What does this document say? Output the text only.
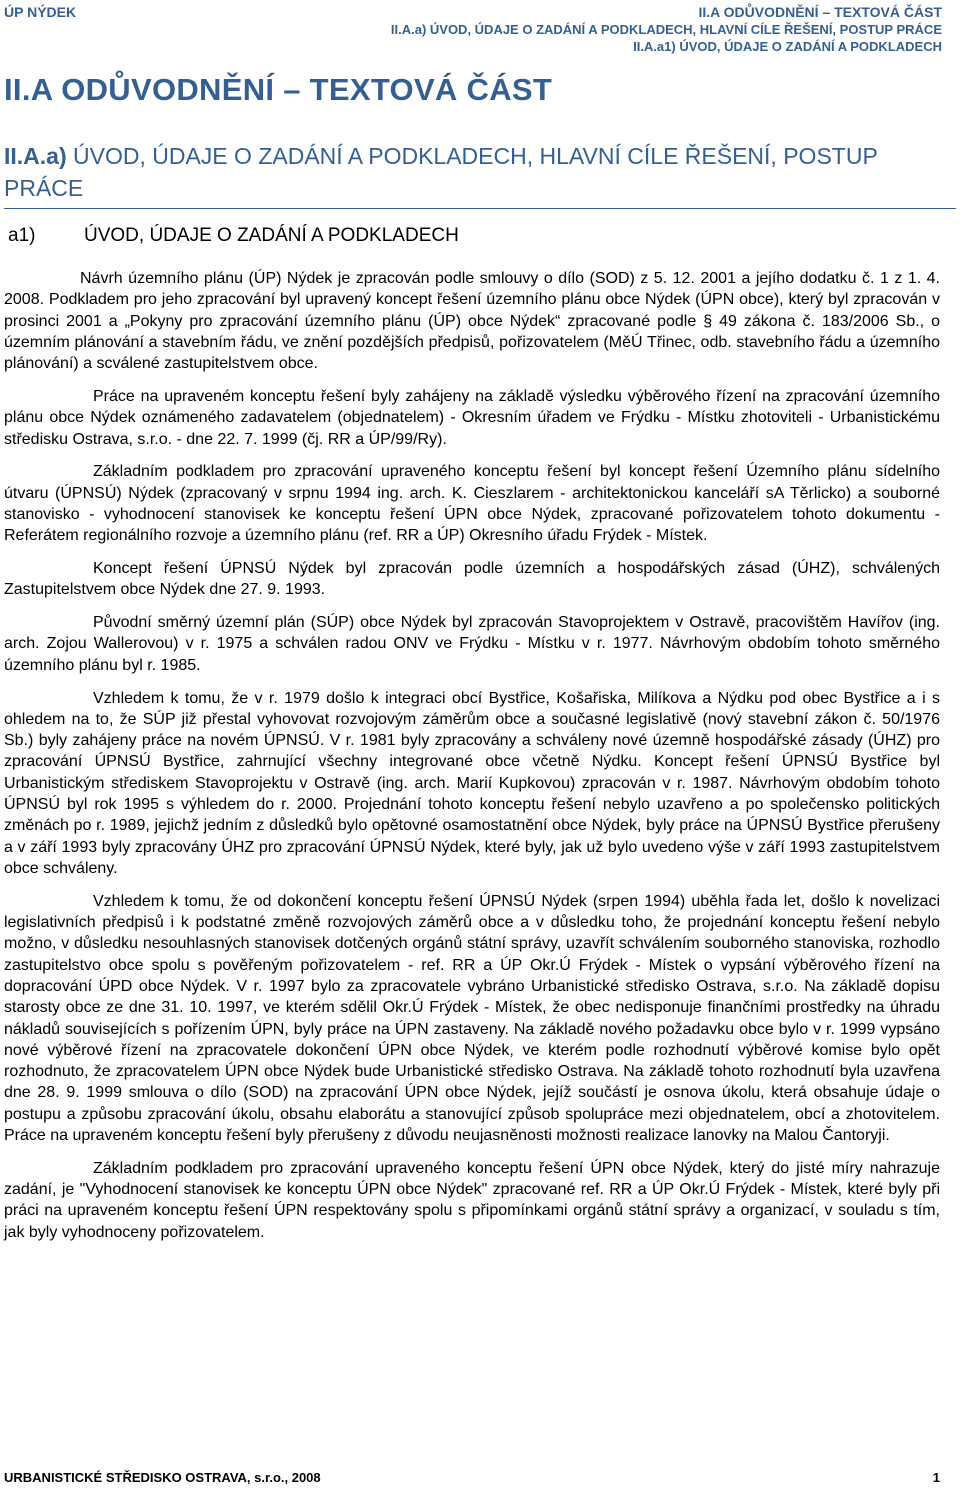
ÚP NÝDEK	II.A ODŮVODNĚNÍ – TEXTOVÁ ČÁST
II.A.a) ÚVOD, ÚDAJE O ZADÁNÍ A PODKLADECH, HLAVNÍ CÍLE ŘEŠENÍ, POSTUP PRÁCE
II.A.a1) ÚVOD, ÚDAJE O ZADÁNÍ A PODKLADECH
II.A ODŮVODNĚNÍ – TEXTOVÁ ČÁST
II.A.a) ÚVOD, ÚDAJE O ZADÁNÍ A PODKLADECH, HLAVNÍ CÍLE ŘEŠENÍ, POSTUP PRÁCE
a1)	ÚVOD, ÚDAJE O ZADÁNÍ A PODKLADECH

Návrh územního plánu (ÚP) Nýdek je zpracován podle smlouvy o dílo (SOD) z 5. 12. 2001 a jejího dodatku č. 1 z 1. 4. 2008. Podkladem pro jeho zpracování byl upravený koncept řešení územního plánu obce Nýdek (ÚPN obce), který byl zpracován v prosinci 2001 a „Pokyny pro zpracování územního plánu (ÚP) obce Nýdek“ zpracované podle § 49 zákona č. 183/2006 Sb., o územním plánování a stavebním řádu, ve znění pozdějších předpisů, pořizovatelem (MěÚ Třinec, odb. stavebního řádu a územního plánování) a scválené zastupitelstvem obce.

Práce na upraveném konceptu řešení byly zahájeny na základě výsledku výběrového řízení na zpracování územního plánu obce Nýdek oznámeného zadavatelem (objednatelem) - Okresním úřadem ve Frýdku - Místku zhotoviteli - Urbanistickému středisku Ostrava, s.r.o. - dne 22. 7. 1999 (čj. RR a ÚP/99/Ry).

Základním podkladem pro zpracování upraveného konceptu řešení byl koncept řešení Územního plánu sídelního útvaru (ÚPNSÚ) Nýdek (zpracovaný v srpnu 1994 ing. arch. K. Cieszlarem - architektonickou kanceláří sA Těrlicko) a souborné stanovisko - vyhodnocení stanovisek ke konceptu řešení ÚPN obce Nýdek, zpracované pořizovatelem tohoto dokumentu - Referátem regionálního rozvoje a územního plánu (ref. RR a ÚP) Okresního úřadu Frýdek - Místek.

Koncept řešení ÚPNSÚ Nýdek byl zpracován podle územních a hospodářských zásad (ÚHZ), schválených Zastupitelstvem obce Nýdek dne 27. 9. 1993.

Původní směrný územní plán (SÚP) obce Nýdek byl zpracován Stavoprojektem v Ostravě, pracovištěm Havířov (ing. arch. Zojou Wallerovou) v r. 1975 a schválen radou ONV ve Frýdku - Místku v r. 1977. Návrhovým obdobím tohoto směrného územního plánu byl r. 1985.

Vzhledem k tomu, že v r. 1979 došlo k integraci obcí Bystřice, Košařiska, Milíkova a Nýdku pod obec Bystřice a i s ohledem na to, že SÚP již přestal vyhovovat rozvojovým záměrům obce a současné legislativě (nový stavební zákon č. 50/1976 Sb.) byly zahájeny práce na novém ÚPNSÚ. V r. 1981 byly zpracovány a schváleny nové územně hospodářské zásady (ÚHZ) pro zpracování ÚPNSÚ Bystřice, zahrnující všechny integrované obce včetně Nýdku. Koncept řešení ÚPNSÚ Bystřice byl Urbanistickým střediskem Stavoprojektu v Ostravě (ing. arch. Marií Kupkovou) zpracován v r. 1987. Návrhovým obdobím tohoto ÚPNSÚ byl rok 1995 s výhledem do r. 2000. Projednání tohoto konceptu řešení nebylo uzavřeno a po společensko politických změnách po r. 1989, jejichž jedním z důsledků bylo opětovné osamostatnění obce Nýdek, byly práce na ÚPNSÚ Bystřice přerušeny a v září 1993 byly zpracovány ÚHZ pro zpracování ÚPNSÚ Nýdek, které byly, jak už bylo uvedeno výše v září 1993 zastupitelstvem obce schváleny.

Vzhledem k tomu, že od dokončení konceptu řešení ÚPNSÚ Nýdek (srpen 1994) uběhla řada let, došlo k novelizaci legislativních předpisů i k podstatné změně rozvojových záměrů obce a v důsledku toho, že projednání konceptu řešení nebylo možno, v důsledku nesouhlasných stanovisek dotčených orgánů státní správy, uzavřít schválením souborného stanoviska, rozhodlo zastupitelstvo obce spolu s pověřeným pořizovatelem - ref. RR a ÚP Okr.Ú Frýdek - Místek o vypsání výběrového řízení na dopracování ÚPD obce Nýdek. V r. 1997 bylo za zpracovatele vybráno Urbanistické středisko Ostrava, s.r.o. Na základě dopisu starosty obce ze dne 31. 10. 1997, ve kterém sdělil Okr.Ú Frýdek - Místek, že obec nedisponuje finančními prostředky na úhradu nákladů souvisejících s pořízením ÚPN, byly práce na ÚPN zastaveny. Na základě nového požadavku obce bylo v r. 1999 vypsáno nové výběrové řízení na zpracovatele dokončení ÚPN obce Nýdek, ve kterém podle rozhodnutí výběrové komise bylo opět rozhodnuto, že zpracovatelem ÚPN obce Nýdek bude Urbanistické středisko Ostrava. Na základě tohoto rozhodnutí byla uzavřena dne 28. 9. 1999 smlouva o dílo (SOD) na zpracování ÚPN obce Nýdek, jejíž součástí je osnova úkolu, která obsahuje údaje o postupu a způsobu zpracování úkolu, obsahu elaborátu a stanovující způsob spolupráce mezi objednatelem, obcí a zhotovitelem. Práce na upraveném konceptu řešení byly přerušeny z důvodu neujasněnosti možnosti realizace lanovky na Malou Čantoryji.

Základním podkladem pro zpracování upraveného konceptu řešení ÚPN obce Nýdek, který do jisté míry nahrazuje zadání, je "Vyhodnocení stanovisek ke konceptu ÚPN obce Nýdek" zpracované ref. RR a ÚP Okr.Ú Frýdek - Místek, které byly při práci na upraveném konceptu řešení ÚPN respektovány spolu s připomínkami orgánů státní správy a organizací, v souladu s tím, jak byly vyhodnoceny pořizovatelem.

URBANISTICKÉ STŘEDISKO OSTRAVA, s.r.o., 2008	1
